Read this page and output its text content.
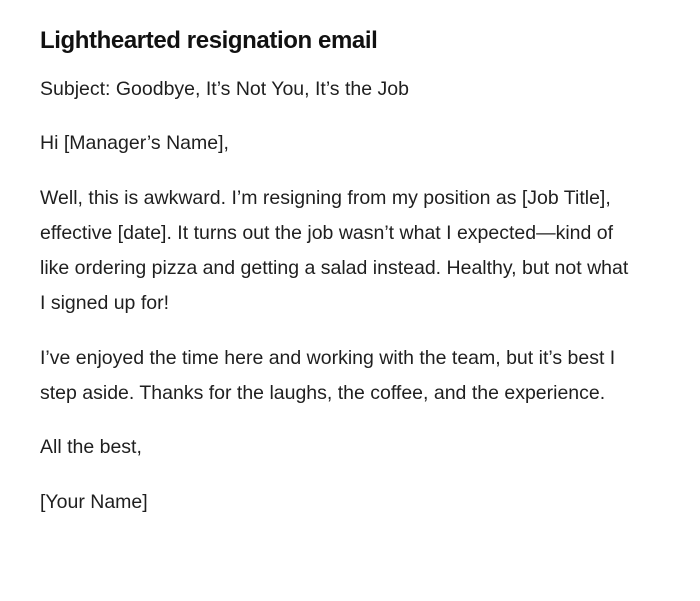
Lighthearted resignation email

Subject: Goodbye, It’s Not You, It’s the Job

Hi [Manager’s Name],

Well, this is awkward. I’m resigning from my position as [Job Title], effective [date]. It turns out the job wasn’t what I expected—kind of like ordering pizza and getting a salad instead. Healthy, but not what I signed up for!

I’ve enjoyed the time here and working with the team, but it’s best I step aside. Thanks for the laughs, the coffee, and the experience.

All the best,

[Your Name]
